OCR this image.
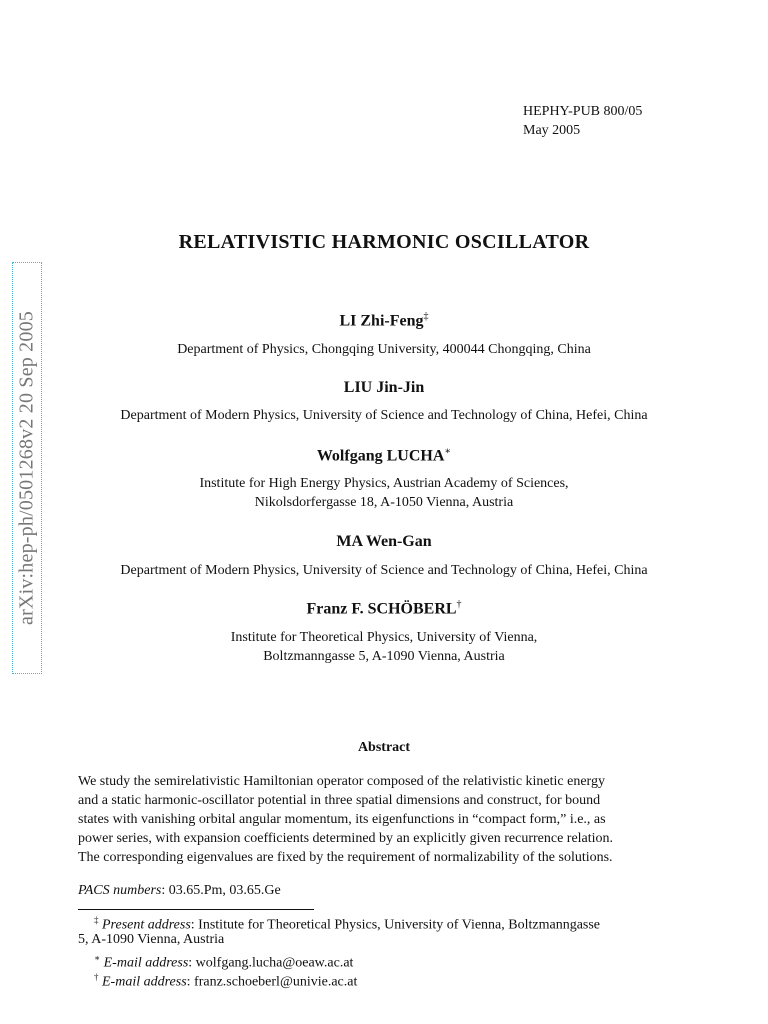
HEPHY-PUB 800/05
May 2005
arXiv:hep-ph/0501268v2 20 Sep 2005
RELATIVISTIC HARMONIC OSCILLATOR
LI Zhi-Feng‡
Department of Physics, Chongqing University, 400044 Chongqing, China
LIU Jin-Jin
Department of Modern Physics, University of Science and Technology of China, Hefei, China
Wolfgang LUCHA∗
Institute for High Energy Physics, Austrian Academy of Sciences,
Nikolsdorfergasse 18, A-1050 Vienna, Austria
MA Wen-Gan
Department of Modern Physics, University of Science and Technology of China, Hefei, China
Franz F. SCHÖBERL†
Institute for Theoretical Physics, University of Vienna,
Boltzmanngasse 5, A-1090 Vienna, Austria
Abstract
We study the semirelativistic Hamiltonian operator composed of the relativistic kinetic energy
and a static harmonic-oscillator potential in three spatial dimensions and construct, for bound
states with vanishing orbital angular momentum, its eigenfunctions in “compact form,” i.e., as
power series, with expansion coefficients determined by an explicitly given recurrence relation.
The corresponding eigenvalues are fixed by the requirement of normalizability of the solutions.
PACS numbers: 03.65.Pm, 03.65.Ge
‡ Present address: Institute for Theoretical Physics, University of Vienna, Boltzmanngasse
5, A-1090 Vienna, Austria
∗ E-mail address: wolfgang.lucha@oeaw.ac.at
† E-mail address: franz.schoeberl@univie.ac.at
